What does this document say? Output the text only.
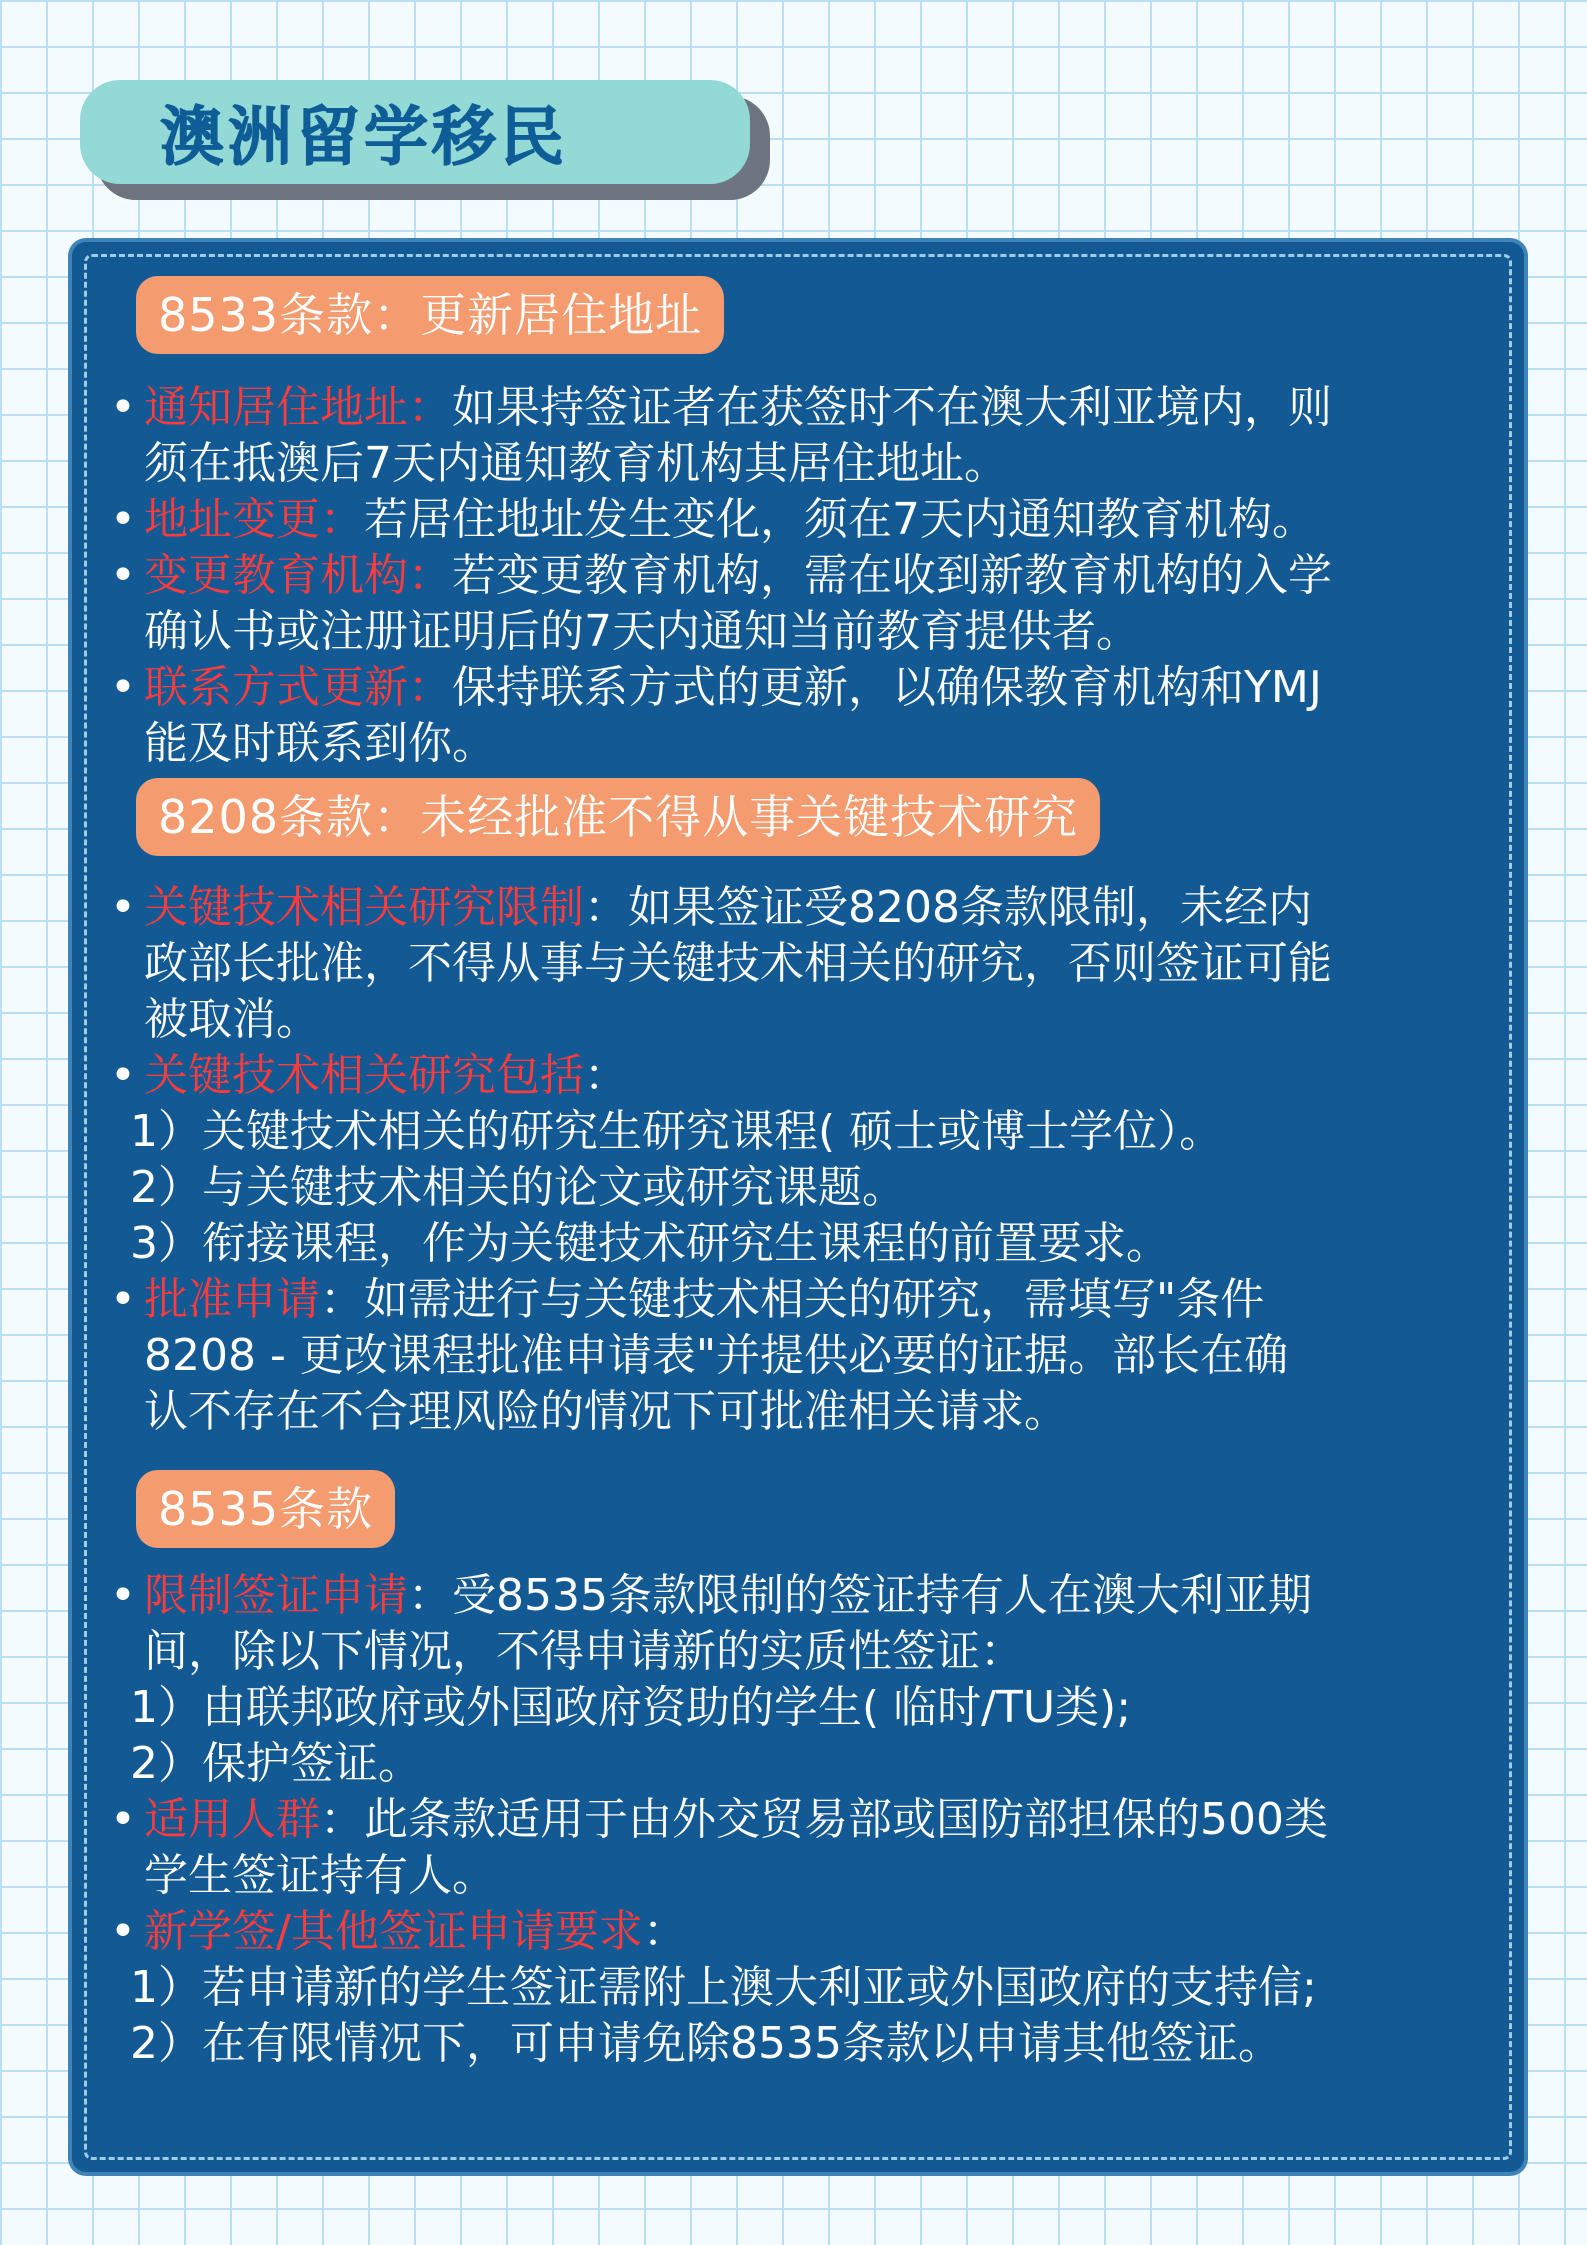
澳洲留学移民
8533条款：更新居住地址

• 通知居住地址：如果持签证者在获签时不在澳大利亚境内，则
须在抵澳后7天内通知教育机构其居住地址。

• 地址变更：若居住地址发生变化，须在7天内通知教育机构。

• 变更教育机构：若变更教育机构，需在收到新教育机构的入学
确认书或注册证明后的7天内通知当前教育提供者。

• 联系方式更新：保持联系方式的更新，以确保教育机构和YMJ
能及时联系到你。

8208条款：未经批准不得从事关键技术研究

• 关键技术相关研究限制：如果签证受8208条款限制，未经内
政部长批准，不得从事与关键技术相关的研究，否则签证可能
被取消。

• 关键技术相关研究包括：

1）关键技术相关的研究生研究课程( 硕士或博士学位）。

2）与关键技术相关的论文或研究课题。

3）衔接课程，作为关键技术研究生课程的前置要求。

• 批准申请：如需进行与关键技术相关的研究，需填写"条件
8208 - 更改课程批准申请表"并提供必要的证据。部长在确
认不存在不合理风险的情况下可批准相关请求。

8535条款

• 限制签证申请：受8535条款限制的签证持有人在澳大利亚期
间，除以下情况，不得申请新的实质性签证：

1）由联邦政府或外国政府资助的学生( 临时/TU类);

2）保护签证。

• 适用人群：此条款适用于由外交贸易部或国防部担保的500类
学生签证持有人。

• 新学签/其他签证申请要求：

1）若申请新的学生签证需附上澳大利亚或外国政府的支持信;

2）在有限情况下，可申请免除8535条款以申请其他签证。
